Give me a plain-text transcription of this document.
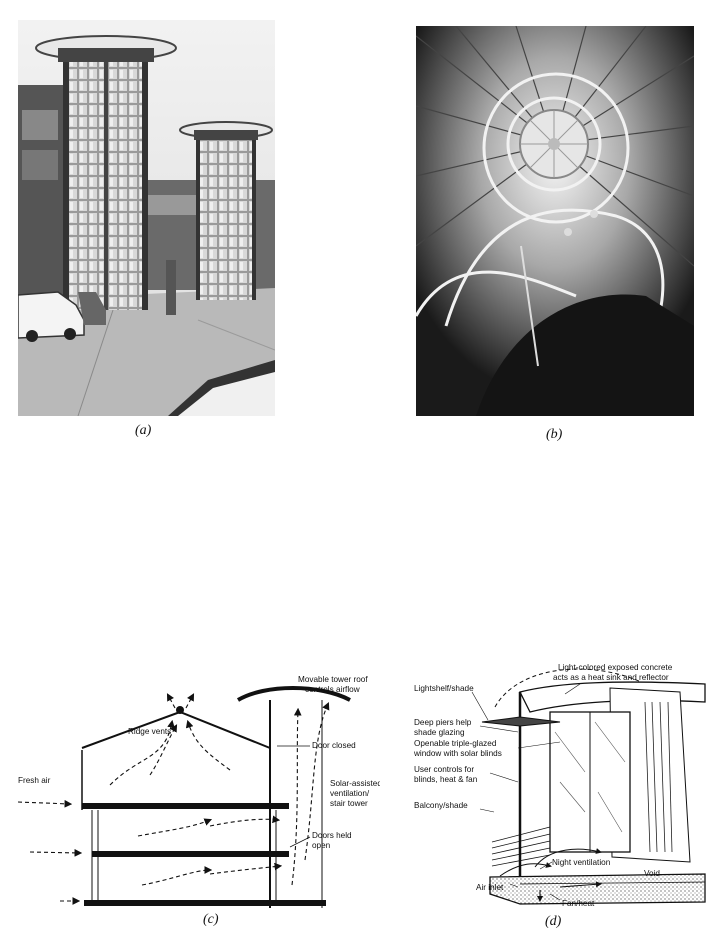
(a)	(b)
Movable tower roof
controls airflow
Ridge vents
Door closed
Fresh air	Solar-assisted
ventilation/
stair tower
Doors held
open
(c)
Light-colored exposed concrete
acts as a heat sink and reflector
Lightshelf/shade
Deep piers help
shade glazing
Openable triple-glazed
window with solar blinds
User controls for
blinds, heat & fan
Balcony/shade
Night ventilation
Void
Air inlet
Fan/heat
(d)
